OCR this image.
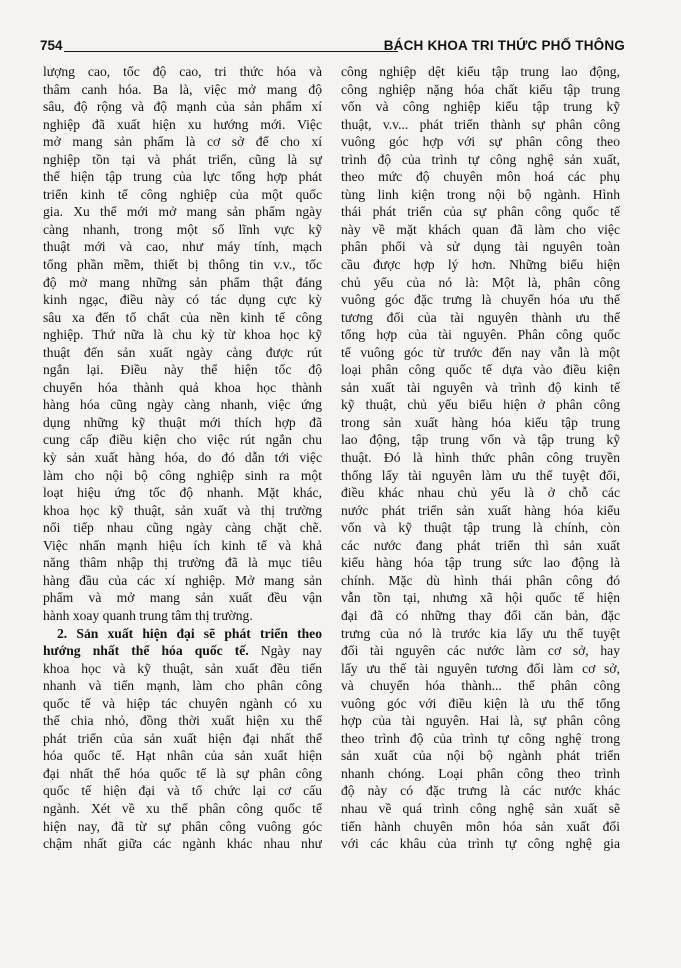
754	BÁCH KHOA TRI THỨC PHỔ THÔNG
lượng cao, tốc độ cao, tri thức hóa và
thâm canh hóa. Ba là, việc mở mang độ
sâu, độ rộng và độ mạnh của sản phẩm xí
nghiệp đã xuất hiện xu hướng mới. Việc
mở mang sản phẩm là cơ sở để cho xí
nghiệp tồn tại và phát triển, cũng là sự
thể hiện tập trung của lực tổng hợp phát
triển kinh tế công nghiệp của một quốc
gia. Xu thế mới mở mang sản phẩm ngày
càng nhanh, trong một số lĩnh vực kỹ
thuật mới và cao, như máy tính, mạch
tổng phần mềm, thiết bị thông tin v.v., tốc
độ mở mang những sản phẩm thật đáng
kinh ngạc, điều này có tác dụng cực kỳ
sâu xa đến tố chất của nền kinh tế công
nghiệp. Thứ nữa là chu kỳ từ khoa học kỹ
thuật đến sản xuất ngày càng được rút
ngắn lại. Điều này thể hiện tốc độ
chuyển hóa thành quả khoa học thành
hàng hóa cũng ngày càng nhanh, việc ứng
dụng những kỹ thuật mới thích hợp đã
cung cấp điều kiện cho việc rút ngắn chu
kỳ sản xuất hàng hóa, do đó dẫn tới việc
làm cho nội bộ công nghiệp sinh ra một
loạt hiệu ứng tốc độ nhanh. Mặt khác,
khoa học kỹ thuật, sản xuất và thị trường
nối tiếp nhau cũng ngày càng chặt chẽ.
Việc nhấn mạnh hiệu ích kinh tế và khả
năng thâm nhập thị trường đã là mục tiêu
hàng đầu của các xí nghiệp. Mở mang sản
phẩm và mở mang sản xuất đều vận
hành xoay quanh trung tâm thị trường.
2. Sản xuất hiện đại sẽ phát triển theo
hướng nhất thể hóa quốc tế. Ngày nay
khoa học và kỹ thuật, sản xuất đều tiến
nhanh và tiến mạnh, làm cho phân công
quốc tế và hiệp tác chuyên ngành có xu
thế chia nhỏ, đồng thời xuất hiện xu thế
phát triển của sản xuất hiện đại nhất thể
hóa quốc tế. Hạt nhân của sản xuất hiện
đại nhất thể hóa quốc tế là sự phân công
quốc tế hiện đại và tổ chức lại cơ cấu
ngành. Xét về xu thế phân công quốc tế
hiện nay, đã từ sự phân công vuông góc
chậm nhất giữa các ngành khác nhau như
công nghiệp dệt kiểu tập trung lao động,
công nghiệp nặng hóa chất kiểu tập trung
vốn và công nghiệp kiểu tập trung kỹ
thuật, v.v... phát triển thành sự phân công
vuông góc hợp với sự phân công theo
trình độ của trình tự công nghệ sản xuất,
theo mức độ chuyên môn hoá các phụ
tùng linh kiện trong nội bộ ngành. Hình
thái phát triển của sự phân công quốc tế
này về mặt khách quan đã làm cho việc
phân phối và sử dụng tài nguyên toàn
cầu được hợp lý hơn. Những biểu hiện
chủ yếu của nó là: Một là, phân công
vuông góc đặc trưng là chuyển hóa ưu thế
tương đối của tài nguyên thành ưu thế
tổng hợp của tài nguyên. Phân công quốc
tế vuông góc từ trước đến nay vẫn là một
loại phân công quốc tế dựa vào điều kiện
sản xuất tài nguyên và trình độ kinh tế
kỹ thuật, chủ yếu biểu hiện ở phân công
trong sản xuất hàng hóa kiểu tập trung
lao động, tập trung vốn và tập trung kỹ
thuật. Đó là hình thức phân công truyền
thống lấy tài nguyên làm ưu thế tuyệt đối,
điều khác nhau chủ yếu là ở chỗ các
nước phát triển sản xuất hàng hóa kiểu
vốn và kỹ thuật tập trung là chính, còn
các nước đang phát triển thì sản xuất
kiểu hàng hóa tập trung sức lao động là
chính. Mặc dù hình thái phân công đó
vẫn tồn tại, nhưng xã hội quốc tế hiện
đại đã có những thay đổi căn bản, đặc
trưng của nó là trước kia lấy ưu thế tuyệt
đối tài nguyên các nước làm cơ sở, hay
lấy ưu thế tài nguyên tương đối làm cơ sở,
và chuyển hóa thành... thế phân công
vuông góc với điều kiện là ưu thế tổng
hợp của tài nguyên. Hai là, sự phân công
theo trình độ của trình tự công nghệ trong
sản xuất của nội bộ ngành phát triển
nhanh chóng. Loại phân công theo trình
độ này có đặc trưng là các nước khác
nhau về quá trình công nghệ sản xuất sẽ
tiến hành chuyên môn hóa sản xuất đối
với các khâu của trình tự công nghệ gia
